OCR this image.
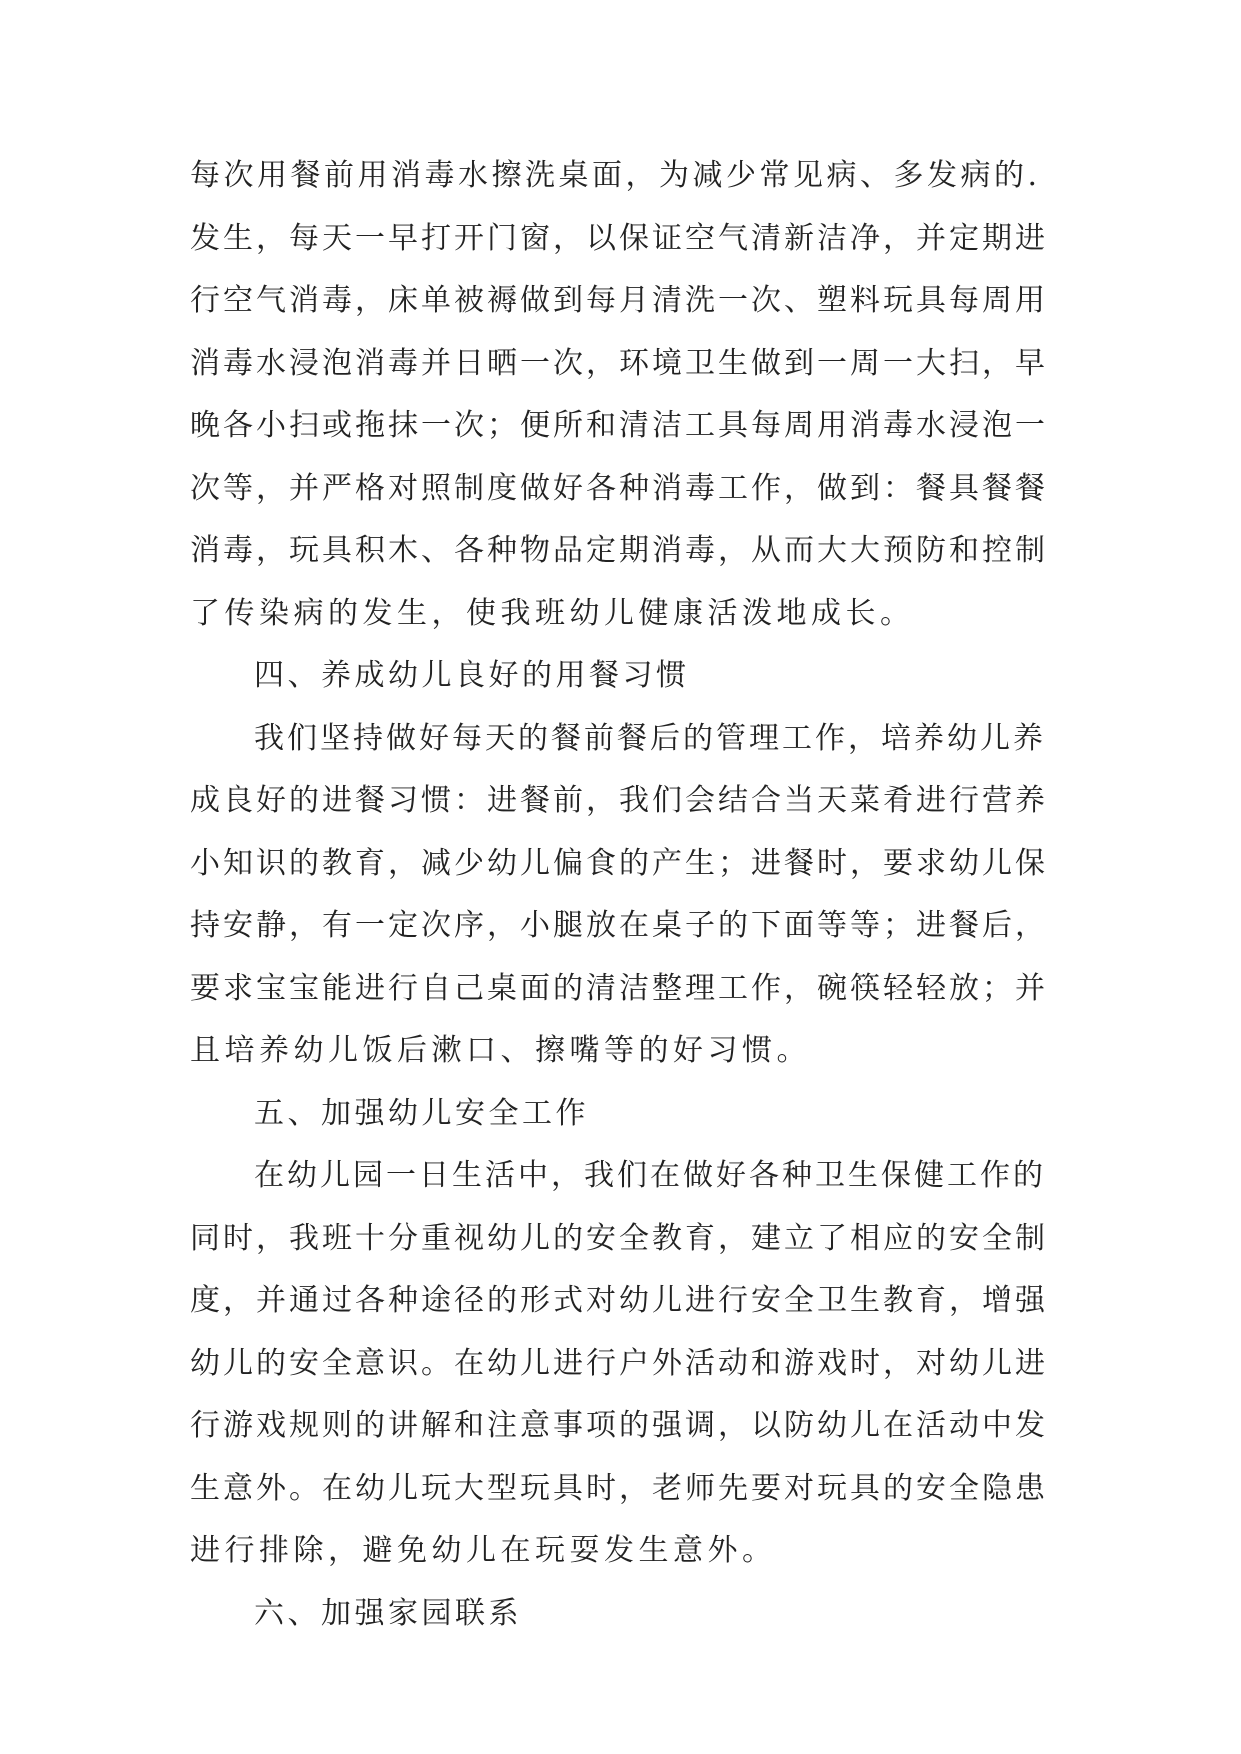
每次用餐前用消毒水擦洗桌面，为减少常见病、多发病的.
发生，每天一早打开门窗，以保证空气清新洁净，并定期进
行空气消毒，床单被褥做到每月清洗一次、塑料玩具每周用
消毒水浸泡消毒并日晒一次，环境卫生做到一周一大扫，早
晚各小扫或拖抹一次；便所和清洁工具每周用消毒水浸泡一
次等，并严格对照制度做好各种消毒工作，做到：餐具餐餐
消毒，玩具积木、各种物品定期消毒，从而大大预防和控制
了传染病的发生，使我班幼儿健康活泼地成长。
四、养成幼儿良好的用餐习惯
我们坚持做好每天的餐前餐后的管理工作，培养幼儿养
成良好的进餐习惯：进餐前，我们会结合当天菜肴进行营养
小知识的教育，减少幼儿偏食的产生；进餐时，要求幼儿保
持安静，有一定次序，小腿放在桌子的下面等等；进餐后，
要求宝宝能进行自己桌面的清洁整理工作，碗筷轻轻放；并
且培养幼儿饭后漱口、擦嘴等的好习惯。
五、加强幼儿安全工作
在幼儿园一日生活中，我们在做好各种卫生保健工作的
同时，我班十分重视幼儿的安全教育，建立了相应的安全制
度，并通过各种途径的形式对幼儿进行安全卫生教育，增强
幼儿的安全意识。在幼儿进行户外活动和游戏时，对幼儿进
行游戏规则的讲解和注意事项的强调，以防幼儿在活动中发
生意外。在幼儿玩大型玩具时，老师先要对玩具的安全隐患
进行排除，避免幼儿在玩耍发生意外。
六、加强家园联系
